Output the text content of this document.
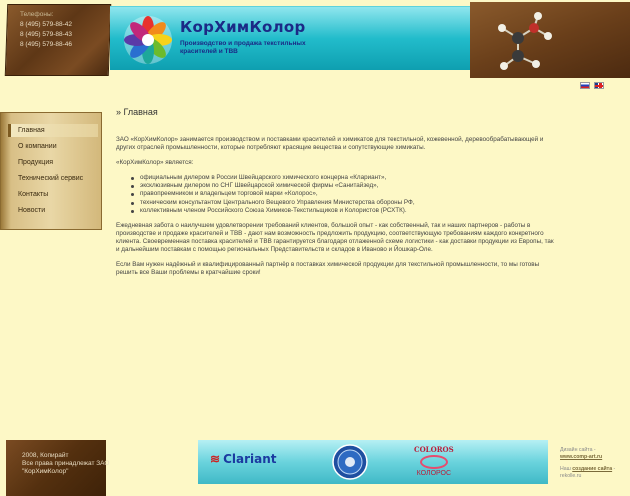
Телефоны:
8 (495) 579-88-42
8 (495) 579-88-43
8 (495) 579-88-46
КорХимКолор
Производство и продажа текстильных красителей и ТВВ
Главная
О компании
Продукция
Технический сервис
Контакты
Новости
» Главная

ЗАО «КорХимКолор» занимается производством и поставками красителей и химикатов для текстильной, кожевенной, деревообрабатывающей и других отраслей промышленности, которые потребляют красящие вещества и сопутствующие химикаты.

«КорХимКолор» является:

официальным дилером в России Швейцарского химического концерна «Клариант»,
эксклюзивным дилером по СНГ Швейцарской химической фирмы «Санитайзед»,
правопреемником и владельцем торговой марки «Колорос»,
техническим консультантом Центрального Вещевого Управления Министерства обороны РФ,
коллективным членом Российского Союза Химиков-Текстильщиков и Колористов (РСХТК).

Ежедневная забота о наилучшем удовлетворении требований клиентов, большой опыт - как собственный, так и наших партнеров - работы в производстве и продаже красителей и ТВВ - дают нам возможность предложить продукцию, соответствующую требованиям каждого конкретного клиента. Своевременная поставка красителей и ТВВ гарантируется благодаря отлаженной схеме логистики - как доставки продукции из Европы, так и дальнейшим поставкам с помощью региональных Представительств и складов в Иваново и Йошкар-Оле.

Если Вам нужен надёжный и квалифицированный партнёр в поставках химической продукции для текстильной промышленности, то мы готовы решить все Ваши проблемы в кратчайшие сроки!

2008, Копирайт
Все права принадлежат ЗАО
"КорХимКолор"
≋ Clariant
COLOROS
КОЛОРОС
Дизайн сайта -
www.comp-art.ru
Наш создание сайта - rekolle.ru
